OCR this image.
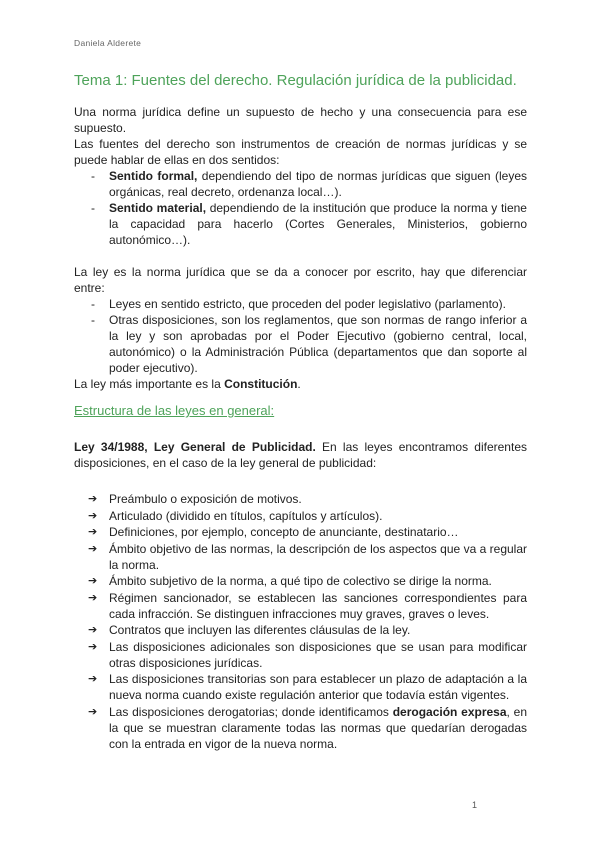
Daniela Alderete
Tema 1: Fuentes del derecho. Regulación jurídica de la publicidad.

Una norma jurídica define un supuesto de hecho y una consecuencia para ese supuesto.

Las fuentes del derecho son instrumentos de creación de normas jurídicas y se puede hablar de ellas en dos sentidos:

- Sentido formal, dependiendo del tipo de normas jurídicas que siguen (leyes orgánicas, real decreto, ordenanza local…).
- Sentido material, dependiendo de la institución que produce la norma y tiene la capacidad para hacerlo (Cortes Generales, Ministerios, gobierno autonómico…).

La ley es la norma jurídica que se da a conocer por escrito, hay que diferenciar entre:

- Leyes en sentido estricto, que proceden del poder legislativo (parlamento).
- Otras disposiciones, son los reglamentos, que son normas de rango inferior a la ley y son aprobadas por el Poder Ejecutivo (gobierno central, local, autonómico) o la Administración Pública (departamentos que dan soporte al poder ejecutivo).

La ley más importante es la Constitución.

Estructura de las leyes en general:

Ley 34/1988, Ley General de Publicidad. En las leyes encontramos diferentes disposiciones, en el caso de la ley general de publicidad:

➔ Preámbulo o exposición de motivos.
➔ Articulado (dividido en títulos, capítulos y artículos).
➔ Definiciones, por ejemplo, concepto de anunciante, destinatario…
➔ Ámbito objetivo de las normas, la descripción de los aspectos que va a regular la norma.
➔ Ámbito subjetivo de la norma, a qué tipo de colectivo se dirige la norma.
➔ Régimen sancionador, se establecen las sanciones correspondientes para cada infracción. Se distinguen infracciones muy graves, graves o leves.
➔ Contratos que incluyen las diferentes cláusulas de la ley.
➔ Las disposiciones adicionales son disposiciones que se usan para modificar otras disposiciones jurídicas.
➔ Las disposiciones transitorias son para establecer un plazo de adaptación a la nueva norma cuando existe regulación anterior que todavía están vigentes.
➔ Las disposiciones derogatorias; donde identificamos derogación expresa, en la que se muestran claramente todas las normas que quedarían derogadas con la entrada en vigor de la nueva norma.
1
